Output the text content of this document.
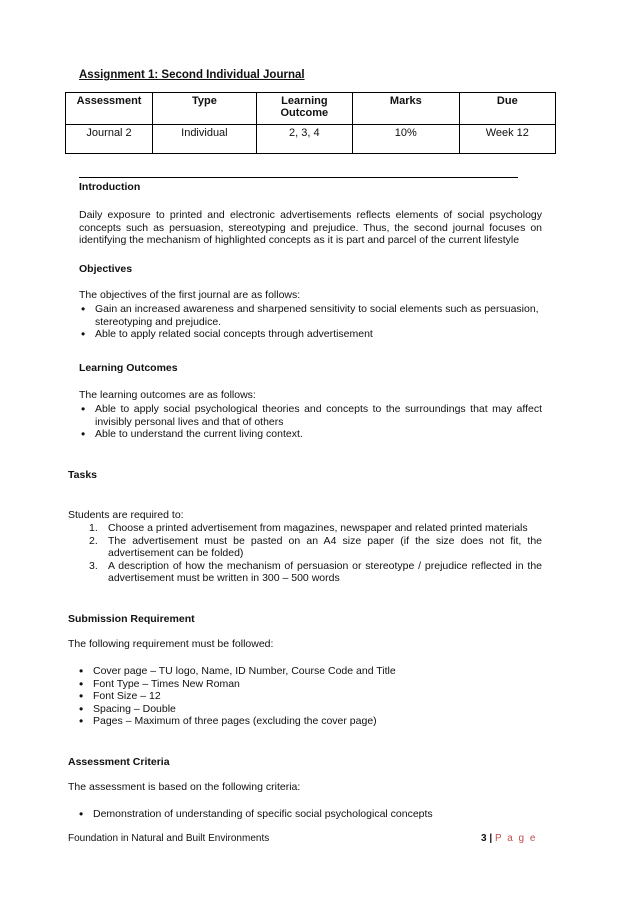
Assignment 1: Second Individual Journal
Assessment	Type	Learning Outcome	Marks	Due
Journal 2	Individual	2, 3, 4	10%	Week 12
Introduction
Daily exposure to printed and electronic advertisements reflects elements of social psychology concepts such as persuasion, stereotyping and prejudice. Thus, the second journal focuses on identifying the mechanism of highlighted concepts as it is part and parcel of the current lifestyle
Objectives
The objectives of the first journal are as follows:
• Gain an increased awareness and sharpened sensitivity to social elements such as persuasion, stereotyping and prejudice.
• Able to apply related social concepts through advertisement
Learning Outcomes
The learning outcomes are as follows:
• Able to apply social psychological theories and concepts to the surroundings that may affect invisibly personal lives and that of others
• Able to understand the current living context.
Tasks
Students are required to:
1. Choose a printed advertisement from magazines, newspaper and related printed materials
2. The advertisement must be pasted on an A4 size paper (if the size does not fit, the advertisement can be folded)
3. A description of how the mechanism of persuasion or stereotype / prejudice reflected in the advertisement must be written in 300 – 500 words
Submission Requirement
The following requirement must be followed:
• Cover page – TU logo, Name, ID Number, Course Code and Title
• Font Type – Times New Roman
• Font Size – 12
• Spacing – Double
• Pages – Maximum of three pages (excluding the cover page)
Assessment Criteria
The assessment is based on the following criteria:
• Demonstration of understanding of specific social psychological concepts
Foundation in Natural and Built Environments	3 | P a g e
